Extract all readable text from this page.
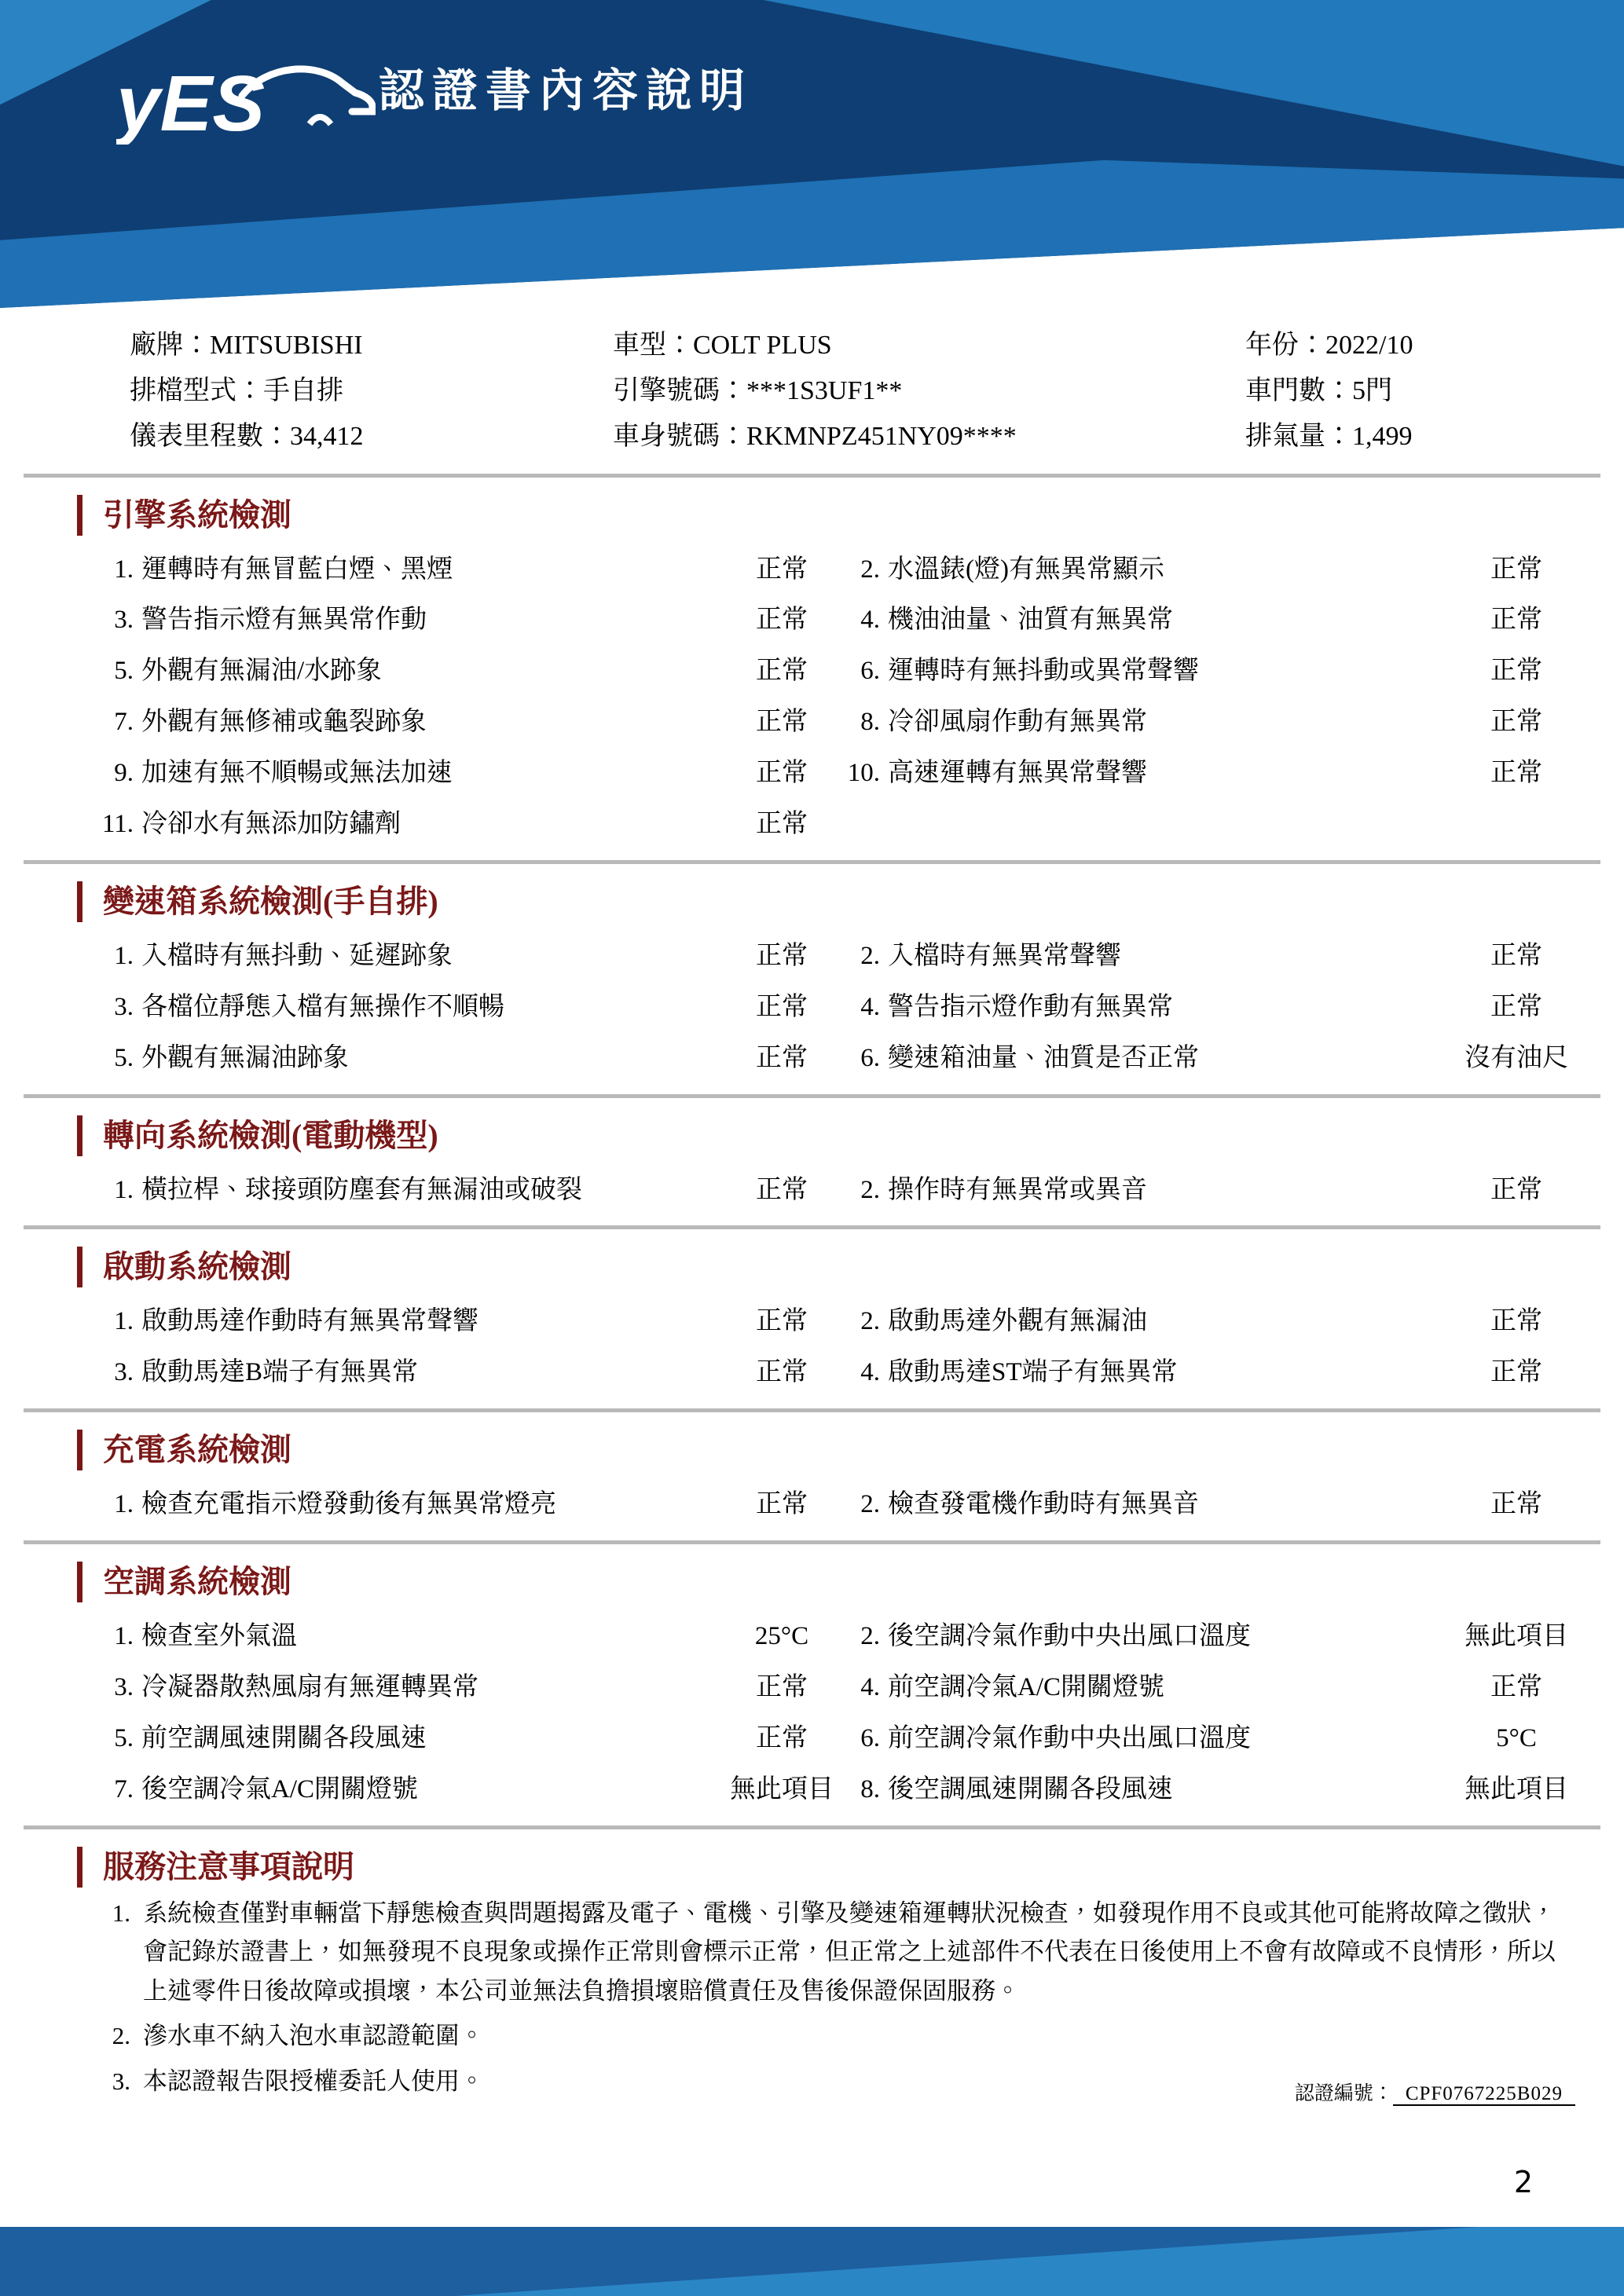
yES 認證書內容說明
廠牌：MITSUBISHI	車型：COLT PLUS	年份：2022/10
排檔型式：手自排	引擎號碼：***1S3UF1**	車門數：5門
儀表里程數：34,412	車身號碼：RKMNPZ451NY09****	排氣量：1,499
引擎系統檢測
1. 運轉時有無冒藍白煙、黑煙	正常	2. 水溫錶(燈)有無異常顯示	正常
3. 警告指示燈有無異常作動	正常	4. 機油油量、油質有無異常	正常
5. 外觀有無漏油/水跡象	正常	6. 運轉時有無抖動或異常聲響	正常
7. 外觀有無修補或龜裂跡象	正常	8. 冷卻風扇作動有無異常	正常
9. 加速有無不順暢或無法加速	正常	10. 高速運轉有無異常聲響	正常
11. 冷卻水有無添加防鏽劑	正常
變速箱系統檢測(手自排)
1. 入檔時有無抖動、延遲跡象	正常	2. 入檔時有無異常聲響	正常
3. 各檔位靜態入檔有無操作不順暢	正常	4. 警告指示燈作動有無異常	正常
5. 外觀有無漏油跡象	正常	6. 變速箱油量、油質是否正常	沒有油尺
轉向系統檢測(電動機型)
1. 橫拉桿、球接頭防塵套有無漏油或破裂	正常	2. 操作時有無異常或異音	正常
啟動系統檢測
1. 啟動馬達作動時有無異常聲響	正常	2. 啟動馬達外觀有無漏油	正常
3. 啟動馬達B端子有無異常	正常	4. 啟動馬達ST端子有無異常	正常
充電系統檢測
1. 檢查充電指示燈發動後有無異常燈亮	正常	2. 檢查發電機作動時有無異音	正常
空調系統檢測
1. 檢查室外氣溫	25°C	2. 後空調冷氣作動中央出風口溫度	無此項目
3. 冷凝器散熱風扇有無運轉異常	正常	4. 前空調冷氣A/C開關燈號	正常
5. 前空調風速開關各段風速	正常	6. 前空調冷氣作動中央出風口溫度	5°C
7. 後空調冷氣A/C開關燈號	無此項目	8. 後空調風速開關各段風速	無此項目
服務注意事項說明
1. 系統檢查僅對車輛當下靜態檢查與問題揭露及電子、電機、引擎及變速箱運轉狀況檢查，如發現作用不良或其他可能將故障之徵狀，會記錄於證書上，如無發現不良現象或操作正常則會標示正常，但正常之上述部件不代表在日後使用上不會有故障或不良情形，所以上述零件日後故障或損壞，本公司並無法負擔損壞賠償責任及售後保證保固服務。
2. 滲水車不納入泡水車認證範圍。
3. 本認證報告限授權委託人使用。	認證編號： CPF0767225B029
2
